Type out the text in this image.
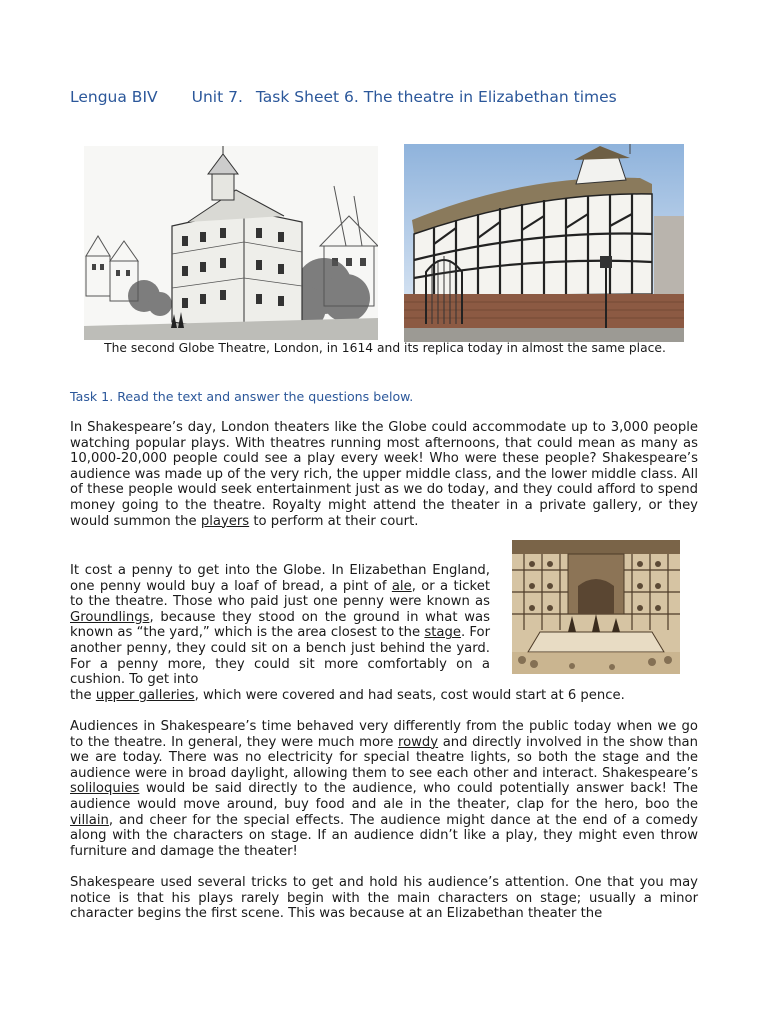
Lengua BIV Unit 7. Task Sheet 6. The theatre in Elizabethan times
The second Globe Theatre, London, in 1614 and its replica today in almost the same place.
Task 1. Read the text and answer the questions below.

In Shakespeare’s day, London theaters like the Globe could accommodate up to 3,000 people watching popular plays. With theatres running most afternoons, that could mean as many as 10,000-20,000 people could see a play every week! Who were these people? Shakespeare’s audience was made up of the very rich, the upper middle class, and the lower middle class. All of these people would seek entertainment just as we do today, and they could afford to spend money going to the theatre. Royalty might attend the theater in a private gallery, or they would summon the players to perform at their court.

It cost a penny to get into the Globe. In Elizabethan England, one penny would buy a loaf of bread, a pint of ale, or a ticket to the theatre. Those who paid just one penny were known as Groundlings, because they stood on the ground in what was known as “the yard,” which is the area closest to the stage. For another penny, they could sit on a bench just behind the yard. For a penny more, they could sit more comfortably on a cushion. To get into

the upper galleries, which were covered and had seats, cost would start at 6 pence.

Audiences in Shakespeare’s time behaved very differently from the public today when we go to the theatre. In general, they were much more rowdy and directly involved in the show than we are today. There was no electricity for special theatre lights, so both the stage and the audience were in broad daylight, allowing them to see each other and interact. Shakespeare’s soliloquies would be said directly to the audience, who could potentially answer back! The audience would move around, buy food and ale in the theater, clap for the hero, boo the villain, and cheer for the special effects. The audience might dance at the end of a comedy along with the characters on stage. If an audience didn’t like a play, they might even throw furniture and damage the theater!

Shakespeare used several tricks to get and hold his audience’s attention. One that you may notice is that his plays rarely begin with the main characters on stage; usually a minor character begins the first scene. This was because at an Elizabethan theater the
